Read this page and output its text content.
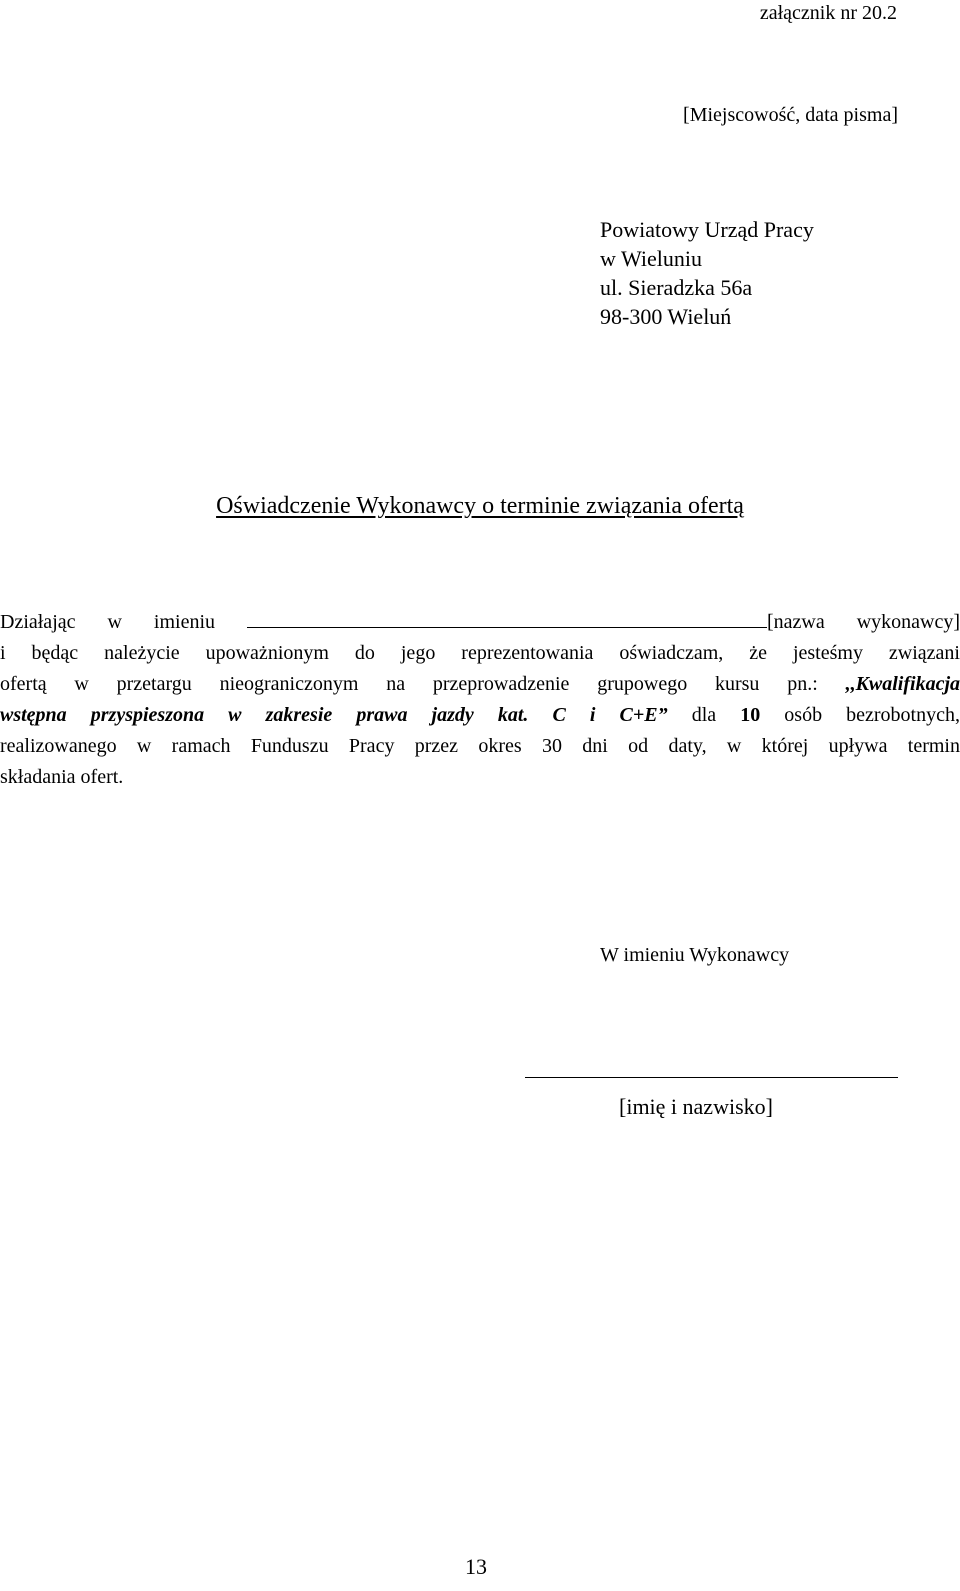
załącznik nr 20.2
[Miejscowość, data pisma]
Powiatowy Urząd Pracy
w Wieluniu
ul. Sieradzka 56a
98-300 Wieluń
Oświadczenie Wykonawcy o terminie związania ofertą
Działając w imieniu	[nazwa wykonawcy]
i będąc należycie upoważnionym do jego reprezentowania oświadczam, że jesteśmy związani
ofertą w przetargu nieograniczonym na przeprowadzenie grupowego kursu pn.: ,,Kwalifikacja
wstępna przyspieszona w zakresie prawa jazdy kat. C i C+E” dla 10 osób bezrobotnych,
realizowanego w ramach Funduszu Pracy przez okres 30 dni od daty, w której upływa termin
składania ofert.
W imieniu Wykonawcy
[imię i nazwisko]
13
